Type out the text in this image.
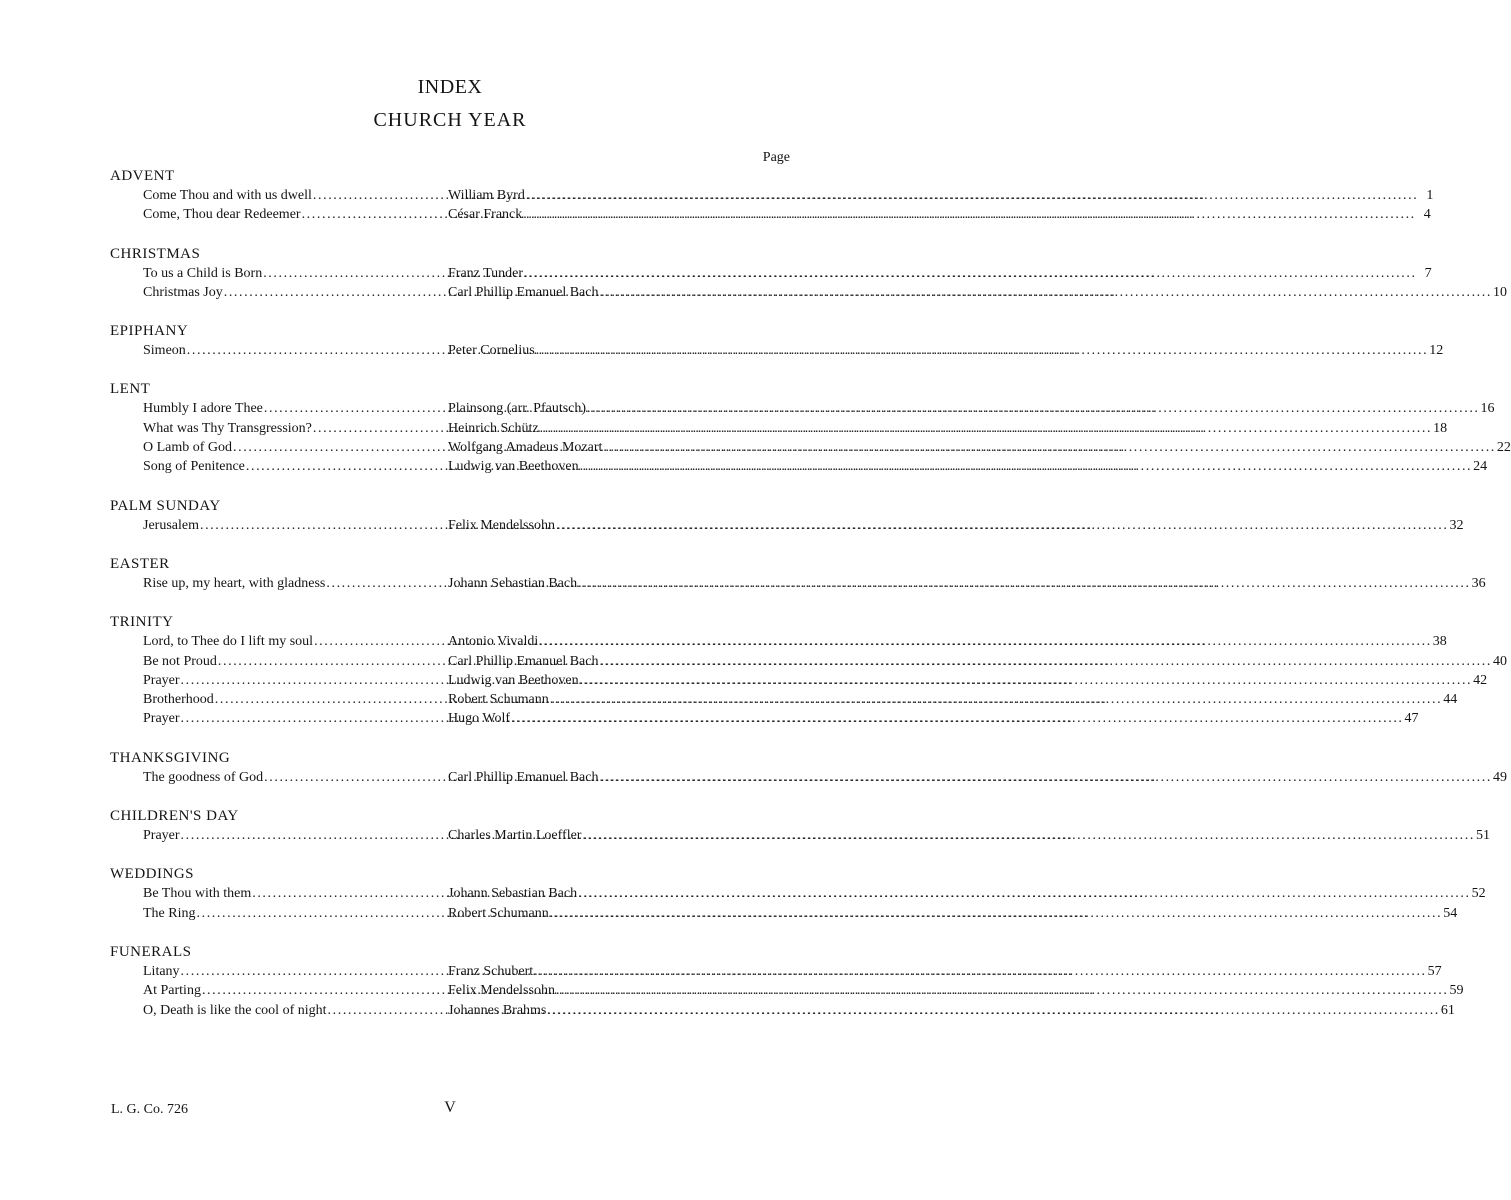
INDEX
CHURCH YEAR
Page
ADVENT
Come Thou and with us dwell .....	William Byrd .....	1
Come, Thou dear Redeemer .....	César Franck .....	4
CHRISTMAS
To us a Child is Born .....	Franz Tunder .....	7
Christmas Joy .....	Carl Phillip Emanuel Bach .....	10
EPIPHANY
Simeon .....	Peter Cornelius .....	12
LENT
Humbly I adore Thee .....	Plainsong (arr. Pfautsch) .....	16
What was Thy Transgression? .....	Heinrich Schütz .....	18
O Lamb of God .....	Wolfgang Amadeus Mozart .....	22
Song of Penitence .....	Ludwig van Beethoven .....	24
PALM SUNDAY
Jerusalem .....	Felix Mendelssohn .....	32
EASTER
Rise up, my heart, with gladness .....	Johann Sebastian Bach .....	36
TRINITY
Lord, to Thee do I lift my soul .....	Antonio Vivaldi .....	38
Be not Proud .....	Carl Phillip Emanuel Bach .....	40
Prayer .....	Ludwig van Beethoven .....	42
Brotherhood .....	Robert Schumann .....	44
Prayer .....	Hugo Wolf .....	47
THANKSGIVING
The goodness of God .....	Carl Phillip Emanuel Bach .....	49
CHILDREN'S DAY
Prayer .....	Charles Martin Loeffler .....	51
WEDDINGS
Be Thou with them .....	Johann Sebastian Bach .....	52
The Ring .....	Robert Schumann .....	54
FUNERALS
Litany .....	Franz Schubert .....	57
At Parting .....	Felix Mendelssohn .....	59
O, Death is like the cool of night .....	Johannes Brahms .....	61
L. G. Co. 726	V
